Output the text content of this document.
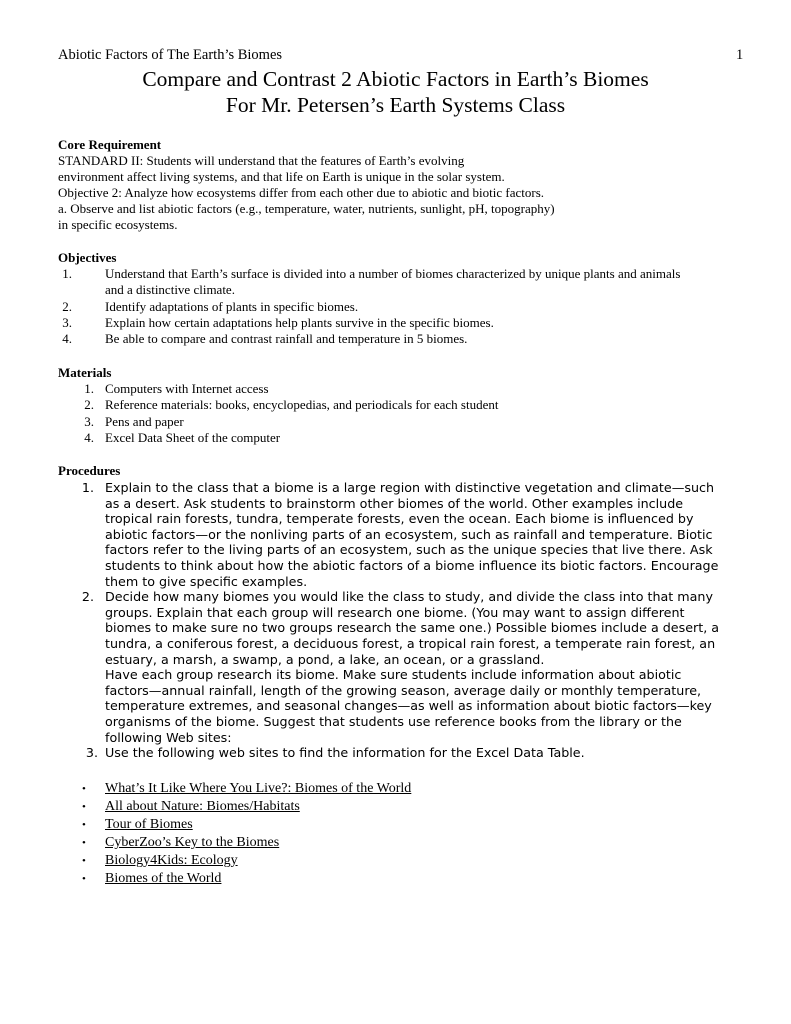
Abiotic Factors of The Earth’s Biomes	1
Compare and Contrast 2 Abiotic Factors in Earth’s Biomes
For Mr. Petersen’s Earth Systems Class
Core Requirement
STANDARD II: Students will understand that the features of Earth’s evolving
environment affect living systems, and that life on Earth is unique in the solar system.
Objective 2: Analyze how ecosystems differ from each other due to abiotic and biotic factors.
a. Observe and list abiotic factors (e.g., temperature, water, nutrients, sunlight, pH, topography)
in specific ecosystems.
Objectives
1.	Understand that Earth’s surface is divided into a number of biomes characterized by unique plants and animals
and a distinctive climate.
2.	Identify adaptations of plants in specific biomes.
3.	Explain how certain adaptations help plants survive in the specific biomes.
4.	Be able to compare and contrast rainfall and temperature in 5 biomes.
Materials
1. Computers with Internet access
2. Reference materials: books, encyclopedias, and periodicals for each student
3. Pens and paper
4. Excel Data Sheet of the computer
Procedures
1. Explain to the class that a biome is a large region with distinctive vegetation and climate—such
as a desert. Ask students to brainstorm other biomes of the world. Other examples include
tropical rain forests, tundra, temperate forests, even the ocean. Each biome is influenced by
abiotic factors—or the nonliving parts of an ecosystem, such as rainfall and temperature. Biotic
factors refer to the living parts of an ecosystem, such as the unique species that live there. Ask
students to think about how the abiotic factors of a biome influence its biotic factors. Encourage
them to give specific examples.
2. Decide how many biomes you would like the class to study, and divide the class into that many
groups. Explain that each group will research one biome. (You may want to assign different
biomes to make sure no two groups research the same one.) Possible biomes include a desert, a
tundra, a coniferous forest, a deciduous forest, a tropical rain forest, a temperate rain forest, an
estuary, a marsh, a swamp, a pond, a lake, an ocean, or a grassland.
Have each group research its biome. Make sure students include information about abiotic
factors—annual rainfall, length of the growing season, average daily or monthly temperature,
temperature extremes, and seasonal changes—as well as information about biotic factors—key
organisms of the biome. Suggest that students use reference books from the library or the
following Web sites:
3. Use the following web sites to find the information for the Excel Data Table.
• What’s It Like Where You Live?: Biomes of the World
• All about Nature: Biomes/Habitats
• Tour of Biomes
• CyberZoo’s Key to the Biomes
• Biology4Kids: Ecology
• Biomes of the World
